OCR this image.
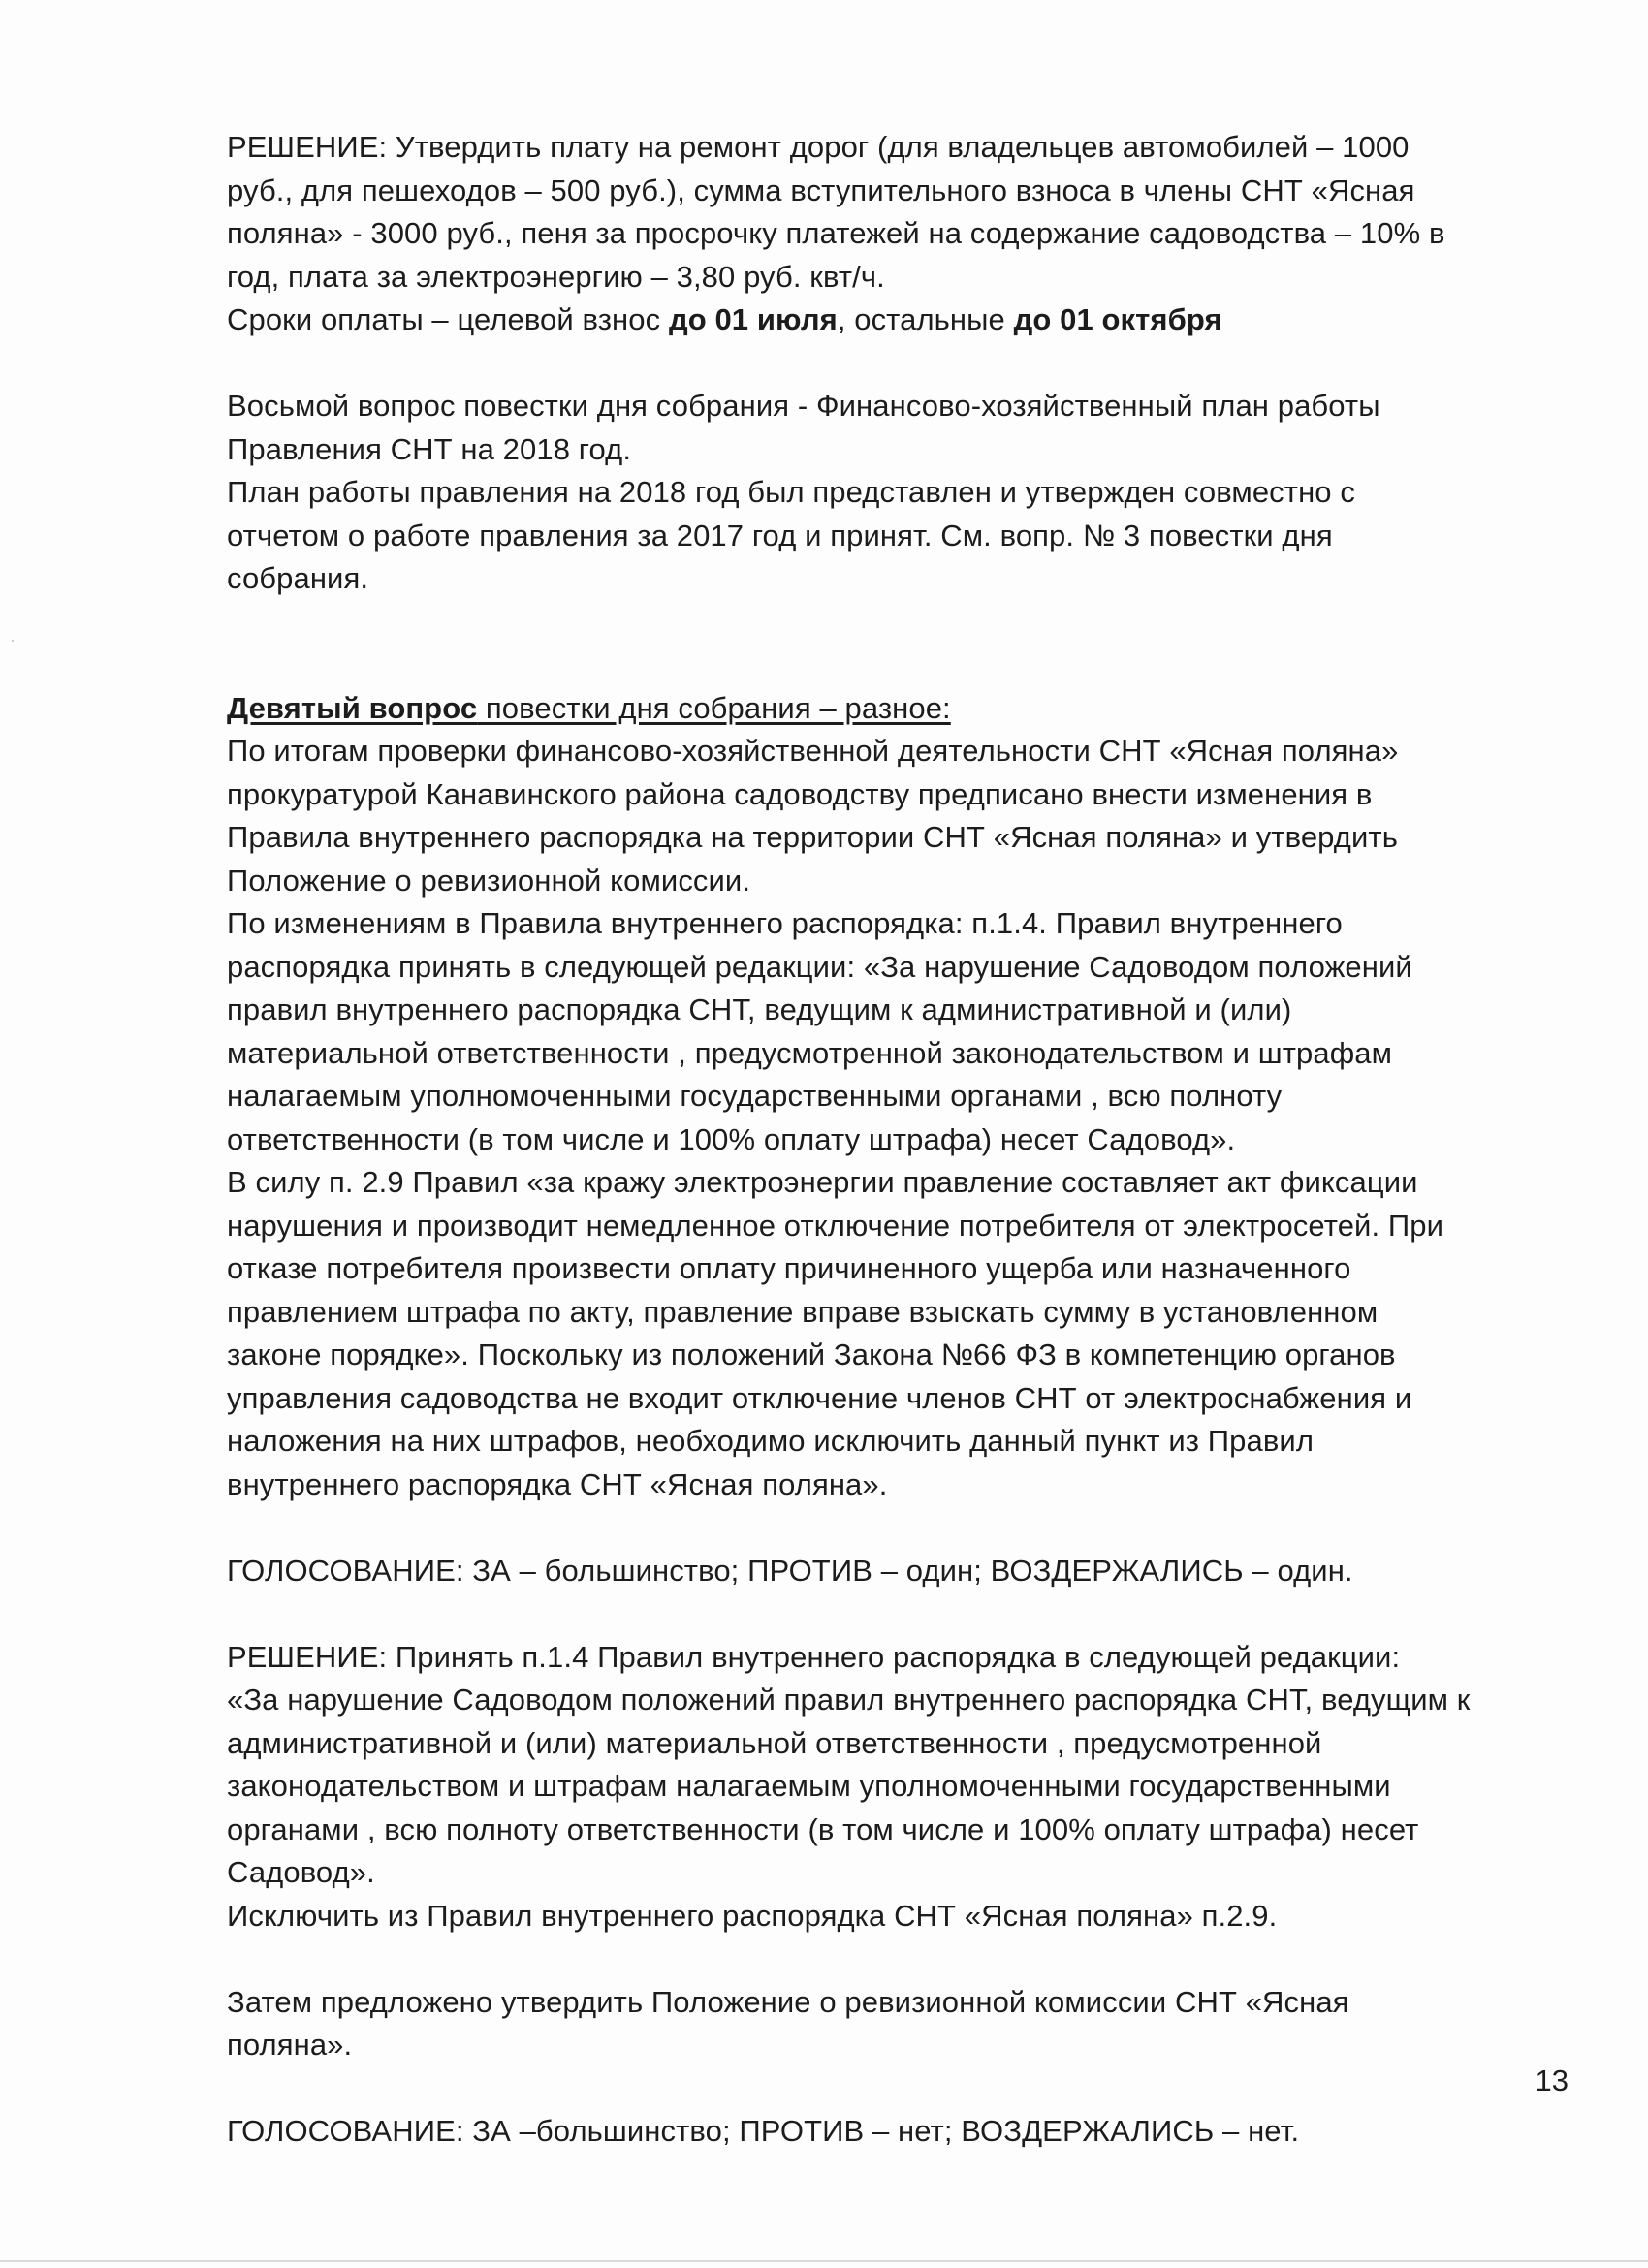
РЕШЕНИЕ: Утвердить плату на ремонт дорог (для владельцев автомобилей – 1000

руб., для пешеходов – 500 руб.), сумма вступительного взноса в члены СНТ «Ясная

поляна» - 3000 руб., пеня за просрочку платежей на содержание садоводства – 10% в

год, плата за электроэнергию – 3,80 руб. квт/ч.

Сроки оплаты – целевой взнос до 01 июля, остальные до 01 октября

Восьмой вопрос повестки дня собрания - Финансово-хозяйственный план работы

Правления СНТ на 2018 год.

План работы правления на 2018 год был представлен и утвержден совместно с

отчетом о работе правления за 2017 год и принят. См. вопр. № 3 повестки дня

собрания.

Девятый вопрос повестки дня собрания – разное:

По итогам проверки финансово-хозяйственной деятельности СНТ «Ясная поляна»

прокуратурой Канавинского района садоводству предписано внести изменения в

Правила внутреннего распорядка на территории СНТ «Ясная поляна» и утвердить

Положение о ревизионной комиссии.

По изменениям в Правила внутреннего распорядка: п.1.4. Правил внутреннего

распорядка принять в следующей редакции: «За нарушение Садоводом положений

правил внутреннего распорядка СНТ, ведущим к административной и (или)

материальной ответственности , предусмотренной законодательством и штрафам

налагаемым уполномоченными государственными органами , всю полноту

ответственности (в том числе и 100% оплату штрафа) несет Садовод».

В силу п. 2.9 Правил «за кражу электроэнергии правление составляет акт фиксации

нарушения и производит немедленное отключение потребителя от электросетей. При

отказе потребителя произвести оплату причиненного ущерба или назначенного

правлением штрафа по акту, правление вправе взыскать сумму в установленном

законе порядке». Поскольку из положений Закона №66 ФЗ в компетенцию органов

управления садоводства не входит отключение членов СНТ от электроснабжения и

наложения на них штрафов, необходимо исключить данный пункт из Правил

внутреннего распорядка СНТ «Ясная поляна».

ГОЛОСОВАНИЕ: ЗА – большинство; ПРОТИВ – один; ВОЗДЕРЖАЛИСЬ – один.

РЕШЕНИЕ: Принять п.1.4 Правил внутреннего распорядка в следующей редакции:

«За нарушение Садоводом положений правил внутреннего распорядка СНТ, ведущим к

административной и (или) материальной ответственности , предусмотренной

законодательством и штрафам налагаемым уполномоченными государственными

органами , всю полноту ответственности (в том числе и 100% оплату штрафа) несет

Садовод».

Исключить из Правил внутреннего распорядка СНТ «Ясная поляна» п.2.9.

Затем предложено утвердить Положение о ревизионной комиссии СНТ «Ясная

поляна».

ГОЛОСОВАНИЕ: ЗА –большинство; ПРОТИВ – нет; ВОЗДЕРЖАЛИСЬ – нет.

13
